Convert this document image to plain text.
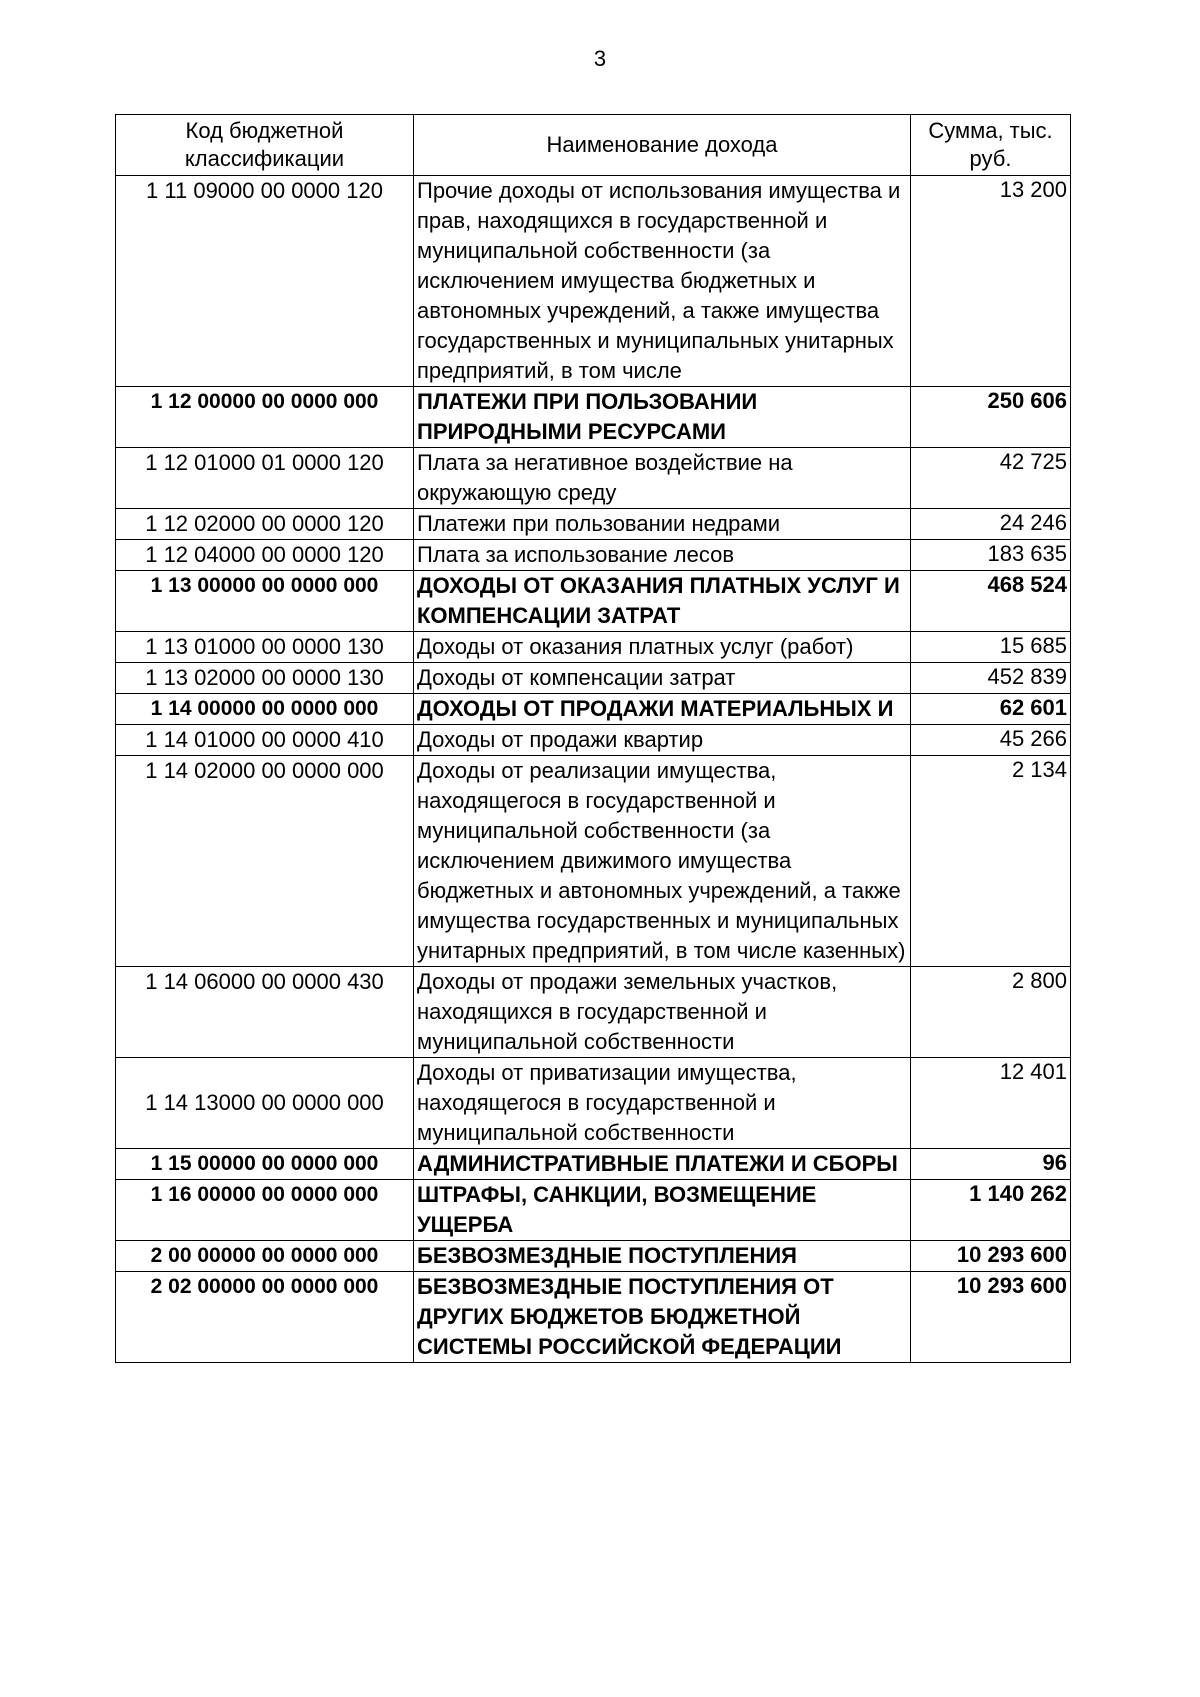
3
Код бюджетной классификации	Наименование дохода	Сумма, тыс. руб.
1 11 09000 00 0000 120	Прочие доходы от использования имущества и прав, находящихся в государственной и муниципальной собственности (за исключением имущества бюджетных и автономных учреждений, а также имущества государственных и муниципальных унитарных предприятий, в том числе	13 200
1 12 00000 00 0000 000	ПЛАТЕЖИ ПРИ ПОЛЬЗОВАНИИ ПРИРОДНЫМИ РЕСУРСАМИ	250 606
1 12 01000 01 0000 120	Плата за негативное воздействие на окружающую среду	42 725
1 12 02000 00 0000 120	Платежи при пользовании недрами	24 246
1 12 04000 00 0000 120	Плата за использование лесов	183 635
1 13 00000 00 0000 000	ДОХОДЫ ОТ ОКАЗАНИЯ ПЛАТНЫХ УСЛУГ И КОМПЕНСАЦИИ ЗАТРАТ	468 524
1 13 01000 00 0000 130	Доходы от оказания платных услуг (работ)	15 685
1 13 02000 00 0000 130	Доходы от компенсации затрат	452 839
1 14 00000 00 0000 000	ДОХОДЫ ОТ ПРОДАЖИ МАТЕРИАЛЬНЫХ И	62 601
1 14 01000 00 0000 410	Доходы от продажи квартир	45 266
1 14 02000 00 0000 000	Доходы от реализации имущества, находящегося в государственной и муниципальной собственности (за исключением движимого имущества бюджетных и автономных учреждений, а также имущества государственных и муниципальных унитарных предприятий, в том числе казенных)	2 134
1 14 06000 00 0000 430	Доходы от продажи земельных участков, находящихся в государственной и муниципальной собственности	2 800
1 14 13000 00 0000 000	Доходы от приватизации имущества, находящегося в государственной и муниципальной собственности	12 401
1 15 00000 00 0000 000	АДМИНИСТРАТИВНЫЕ ПЛАТЕЖИ И СБОРЫ	96
1 16 00000 00 0000 000	ШТРАФЫ, САНКЦИИ, ВОЗМЕЩЕНИЕ УЩЕРБА	1 140 262
2 00 00000 00 0000 000	БЕЗВОЗМЕЗДНЫЕ ПОСТУПЛЕНИЯ	10 293 600
2 02 00000 00 0000 000	БЕЗВОЗМЕЗДНЫЕ ПОСТУПЛЕНИЯ ОТ ДРУГИХ БЮДЖЕТОВ БЮДЖЕТНОЙ СИСТЕМЫ РОССИЙСКОЙ ФЕДЕРАЦИИ	10 293 600
